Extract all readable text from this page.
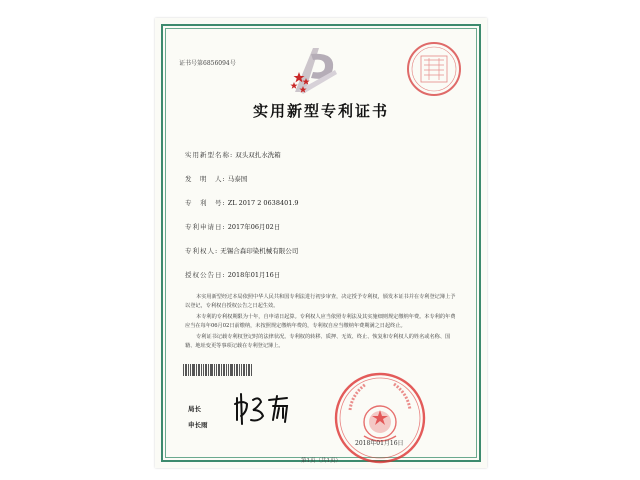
证书号第6856094号
实用新型专利证书
实用新型名称: 双头双扎水洗箱
发　明　人: 马泰国
专　利　号: ZL 2017 2 0638401.9
专利申请日: 2017年06月02日
专利权人: 无锡合森印染机械有限公司
授权公告日: 2018年01月16日

本实用新型经过本局依照中华人民共和国专利法进行初步审查，决定授予专利权，颁发本证书并在专利登记簿上予以登记，专利权自授权公告之日起生效。

本专利的专利权期限为十年，自申请日起算。专利权人应当依照专利法及其实施细则规定缴纳年费。本专利的年费应当在每年06月02日前缴纳，未按照规定缴纳年费的，专利权自应当缴纳年费期满之日起终止。

专利证书记载专利权登记时的法律状况。专利权的转移、质押、无效、终止、恢复和专利权人的姓名或名称、国籍、地址变更等事项记载在专利登记簿上。

局长
申长雨
2018年01月16日
第1页（共1页）
